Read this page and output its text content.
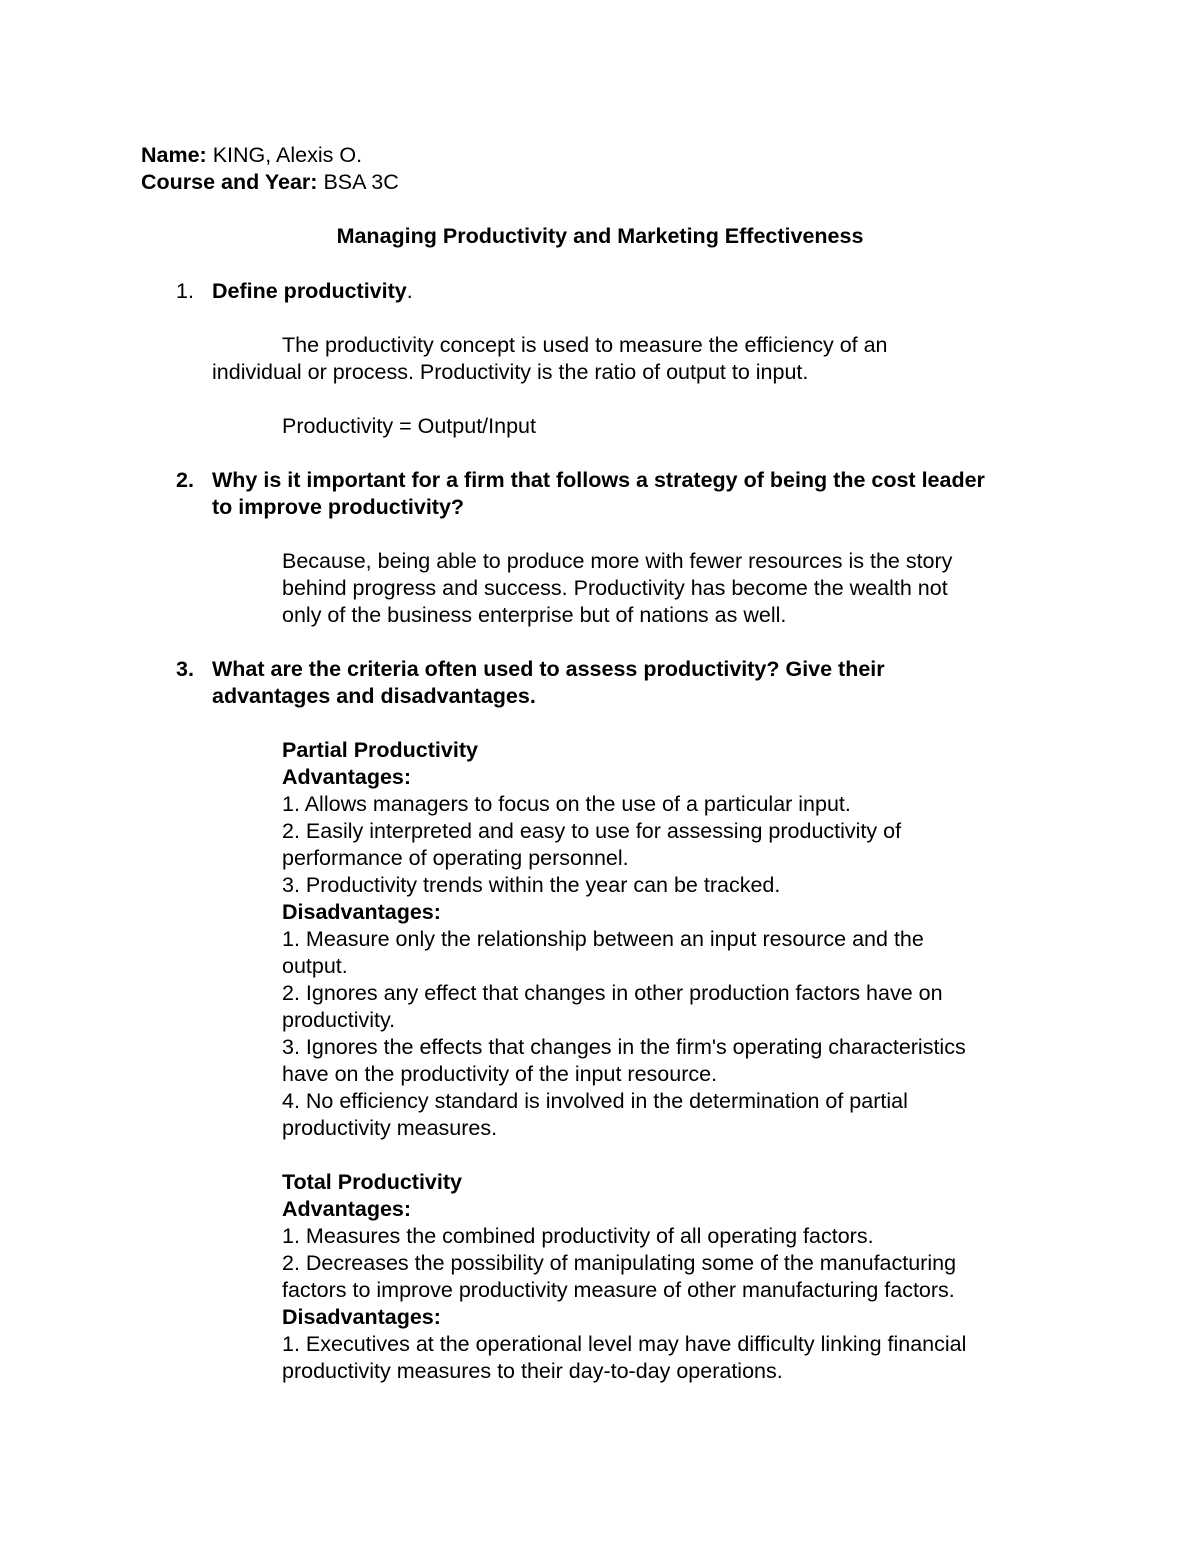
Name: KING, Alexis O.
Course and Year: BSA 3C
Managing Productivity and Marketing Effectiveness
1. Define productivity.
The productivity concept is used to measure the efficiency of an
individual or process. Productivity is the ratio of output to input.
Productivity = Output/Input
2. Why is it important for a firm that follows a strategy of being the cost leader
to improve productivity?
Because, being able to produce more with fewer resources is the story
behind progress and success. Productivity has become the wealth not
only of the business enterprise but of nations as well.
3. What are the criteria often used to assess productivity? Give their
advantages and disadvantages.
Partial Productivity
Advantages:
1. Allows managers to focus on the use of a particular input.
2. Easily interpreted and easy to use for assessing productivity of
performance of operating personnel.
3. Productivity trends within the year can be tracked.
Disadvantages:
1. Measure only the relationship between an input resource and the
output.
2. Ignores any effect that changes in other production factors have on
productivity.
3. Ignores the effects that changes in the firm's operating characteristics
have on the productivity of the input resource.
4. No efficiency standard is involved in the determination of partial
productivity measures.
Total Productivity
Advantages:
1. Measures the combined productivity of all operating factors.
2. Decreases the possibility of manipulating some of the manufacturing
factors to improve productivity measure of other manufacturing factors.
Disadvantages:
1. Executives at the operational level may have difficulty linking financial
productivity measures to their day-to-day operations.
